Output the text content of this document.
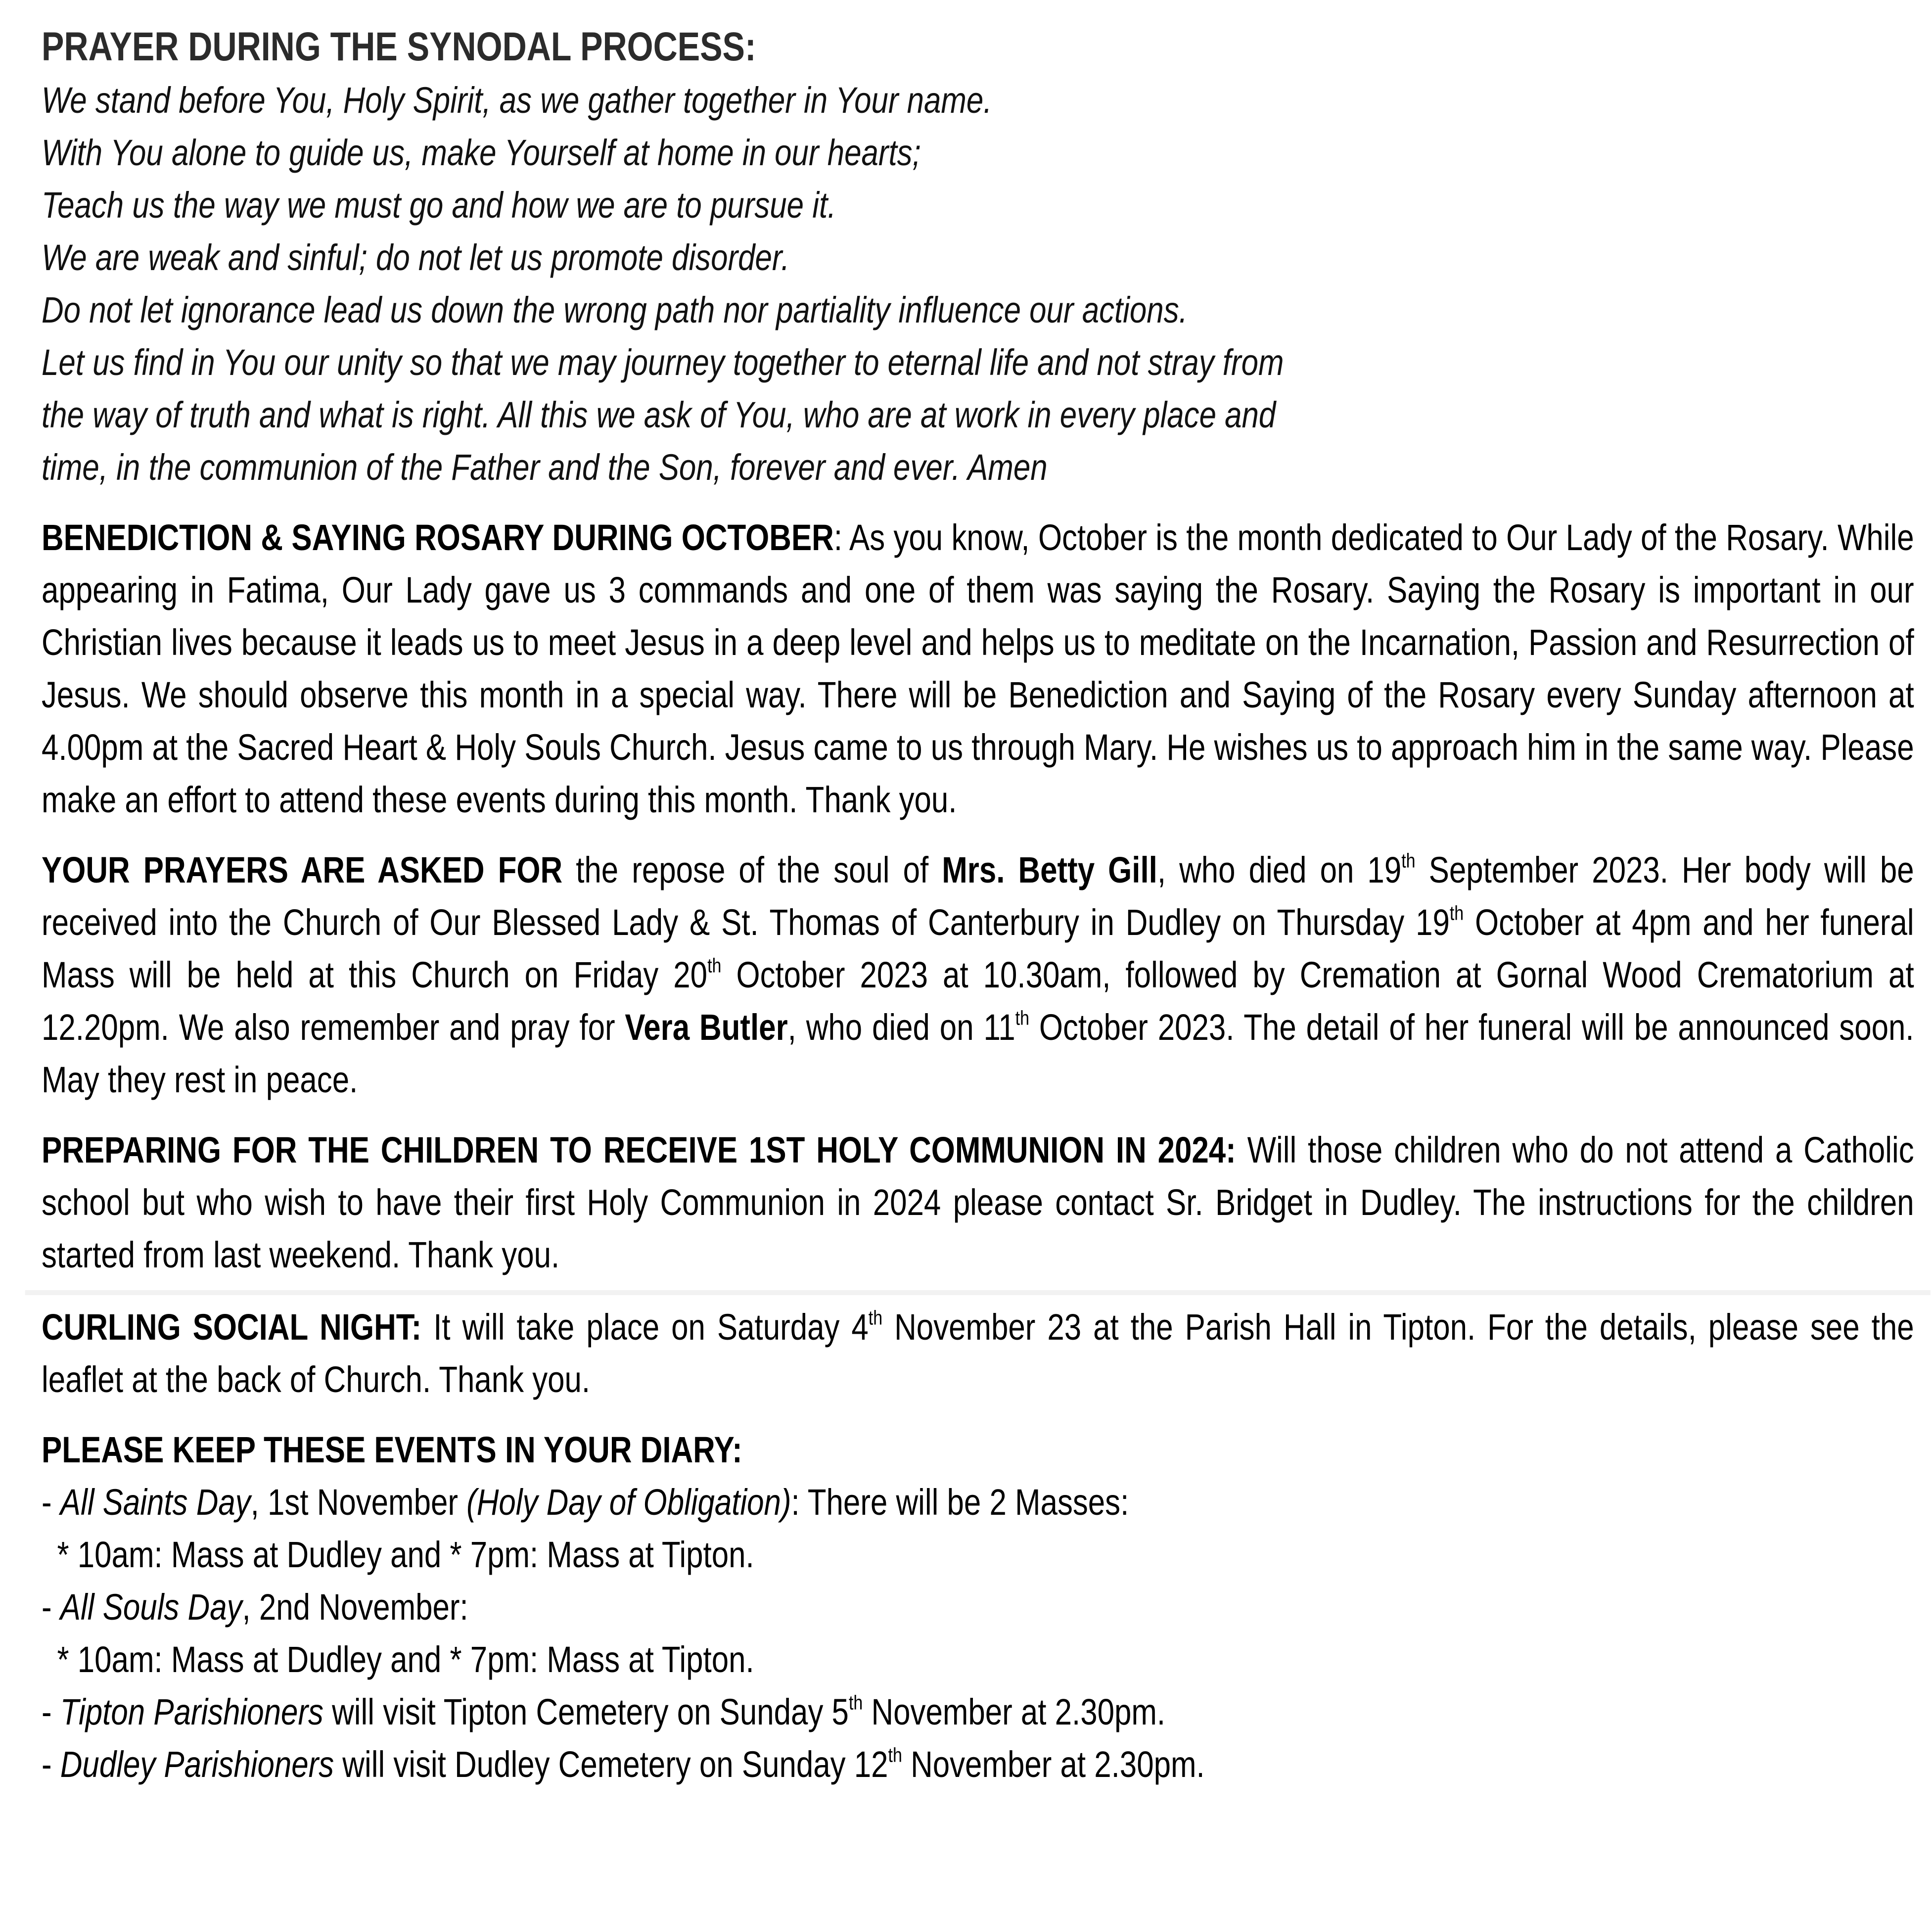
PRAYER DURING THE SYNODAL PROCESS:

We stand before You, Holy Spirit, as we gather together in Your name.

With You alone to guide us, make Yourself at home in our hearts;

Teach us the way we must go and how we are to pursue it.

We are weak and sinful; do not let us promote disorder.

Do not let ignorance lead us down the wrong path nor partiality influence our actions.

Let us find in You our unity so that we may journey together to eternal life and not stray from

the way of truth and what is right. All this we ask of You, who are at work in every place and

time, in the communion of the Father and the Son, forever and ever. Amen

BENEDICTION & SAYING ROSARY DURING OCTOBER: As you know, October is the month dedicated to Our Lady of the Rosary. While appearing in Fatima, Our Lady gave us 3 commands and one of them was saying the Rosary. Saying the Rosary is important in our Christian lives because it leads us to meet Jesus in a deep level and helps us to meditate on the Incarnation, Passion and Resurrection of Jesus. We should observe this month in a special way. There will be Benediction and Saying of the Rosary every Sunday afternoon at 4.00pm at the Sacred Heart & Holy Souls Church. Jesus came to us through Mary. He wishes us to approach him in the same way. Please make an effort to attend these events during this month. Thank you.

YOUR PRAYERS ARE ASKED FOR the repose of the soul of Mrs. Betty Gill, who died on 19th September 2023. Her body will be received into the Church of Our Blessed Lady & St. Thomas of Canterbury in Dudley on Thursday 19th October at 4pm and her funeral Mass will be held at this Church on Friday 20th October 2023 at 10.30am, followed by Cremation at Gornal Wood Crematorium at 12.20pm. We also remember and pray for Vera Butler, who died on 11th October 2023. The detail of her funeral will be announced soon. May they rest in peace.

PREPARING FOR THE CHILDREN TO RECEIVE 1ST HOLY COMMUNION IN 2024: Will those children who do not attend a Catholic school but who wish to have their first Holy Communion in 2024 please contact Sr. Bridget in Dudley. The instructions for the children started from last weekend. Thank you.

CURLING SOCIAL NIGHT: It will take place on Saturday 4th November 23 at the Parish Hall in Tipton. For the details, please see the leaflet at the back of Church. Thank you.

PLEASE KEEP THESE EVENTS IN YOUR DIARY:

- All Saints Day, 1st November (Holy Day of Obligation): There will be 2 Masses:

* 10am: Mass at Dudley and * 7pm: Mass at Tipton.

- All Souls Day, 2nd November:

* 10am: Mass at Dudley and * 7pm: Mass at Tipton.

- Tipton Parishioners will visit Tipton Cemetery on Sunday 5th November at 2.30pm.

- Dudley Parishioners will visit Dudley Cemetery on Sunday 12th November at 2.30pm.
